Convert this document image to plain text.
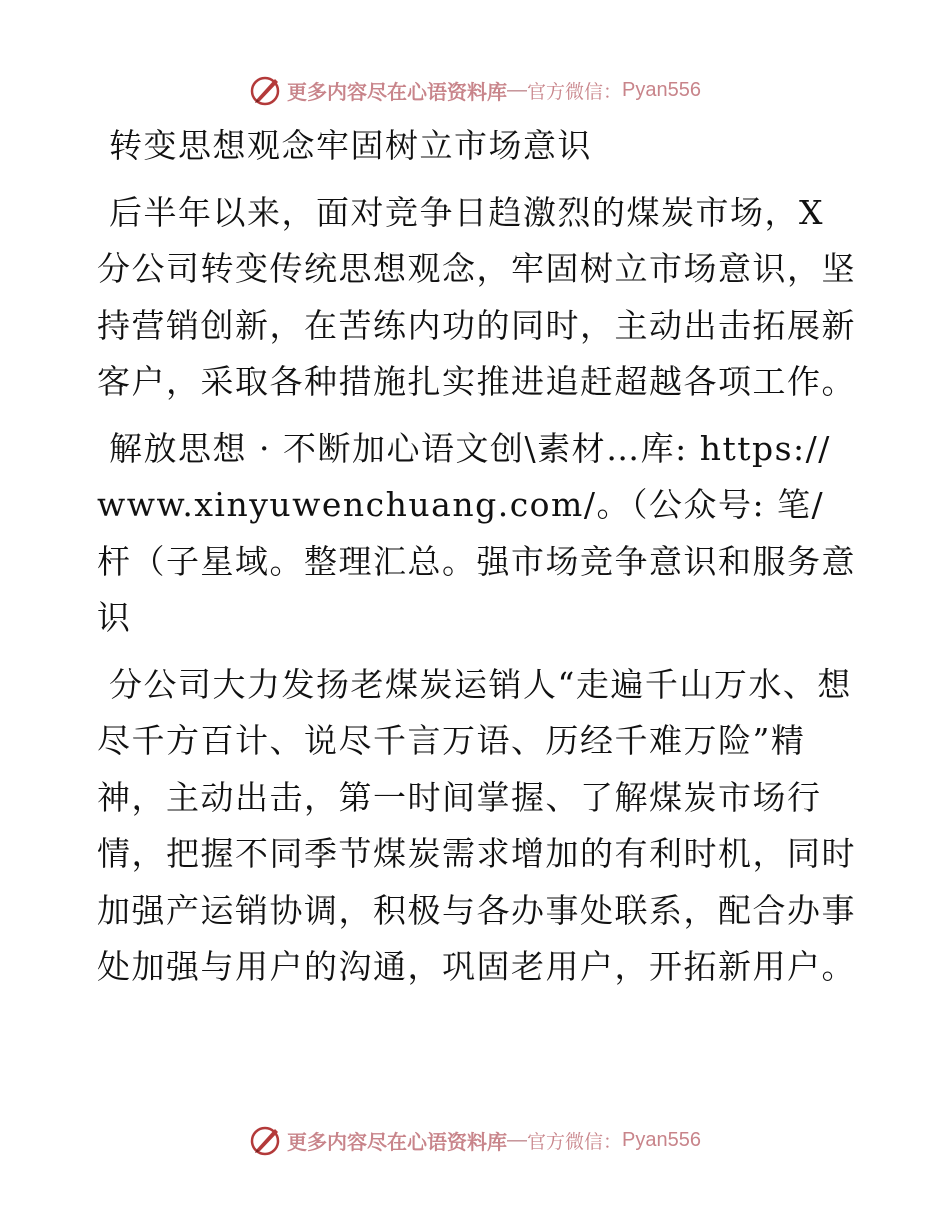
更多内容尽在心语资料库 — 官方微信： Pyan556

转变思想观念牢固树立市场意识

后半年以来，面对竞争日趋激烈的煤炭市场，X分公司转变传统思想观念，牢固树立市场意识，坚持营销创新，在苦练内功的同时，主动出击拓展新客户，采取各种措施扎实推进追赶超越各项工作。

解放思想 · 不断加心语文创\素材…库: https://www.xinyuwenchuang.com/。（公众号: 笔/杆（子星域。整理汇总。强市场竞争意识和服务意识

分公司大力发扬老煤炭运销人“走遍千山万水、想尽千方百计、说尽千言万语、历经千难万险”精神，主动出击，第一时间掌握、了解煤炭市场行情，把握不同季节煤炭需求增加的有利时机，同时加强产运销协调，积极与各办事处联系，配合办事处加强与用户的沟通，巩固老用户，开拓新用户。

更多内容尽在心语资料库 — 官方微信： Pyan556
